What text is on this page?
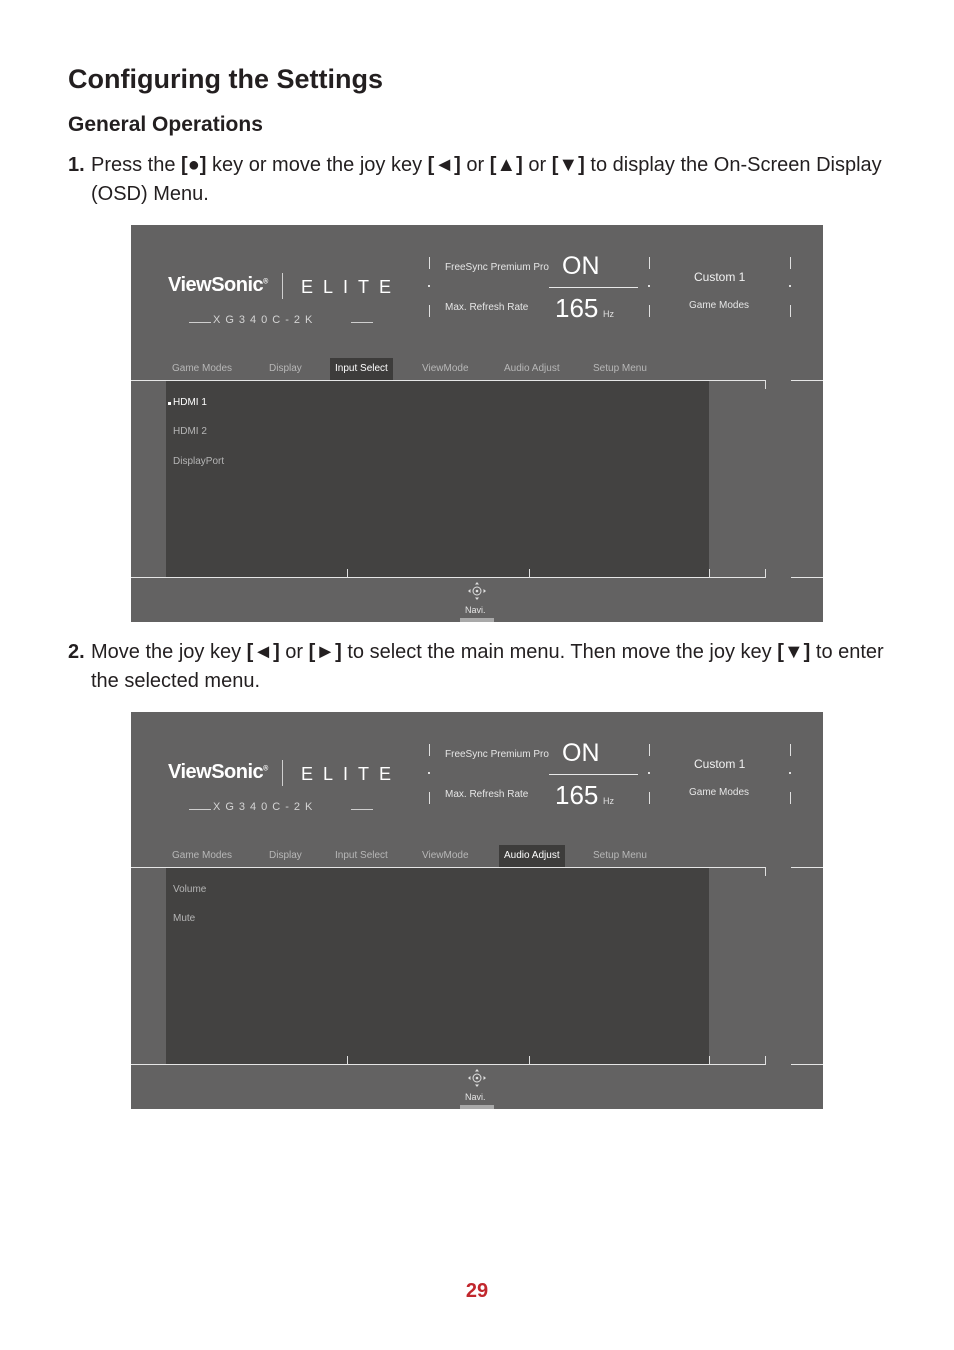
Configuring the Settings
General Operations
1. Press the [●] key or move the joy key [◄] or [▲] or [▼] to display the On-Screen Display (OSD) Menu.
2. Move the joy key [◄] or [►] to select the main menu. Then move the joy key [▼] to enter the selected menu.
ViewSonic® ELITE
XG340C-2K
FreeSync Premium Pro ON
Max. Refresh Rate 165 Hz
Custom 1
Game Modes
Game Modes	Display	Input Select	ViewMode	Audio Adjust	Setup Menu
HDMI 1
HDMI 2
DisplayPort
Navi.
ViewSonic® ELITE
XG340C-2K
FreeSync Premium Pro ON
Max. Refresh Rate 165 Hz
Custom 1
Game Modes
Game Modes	Display	Input Select	ViewMode	Audio Adjust	Setup Menu
Volume
Mute
Navi.
29
